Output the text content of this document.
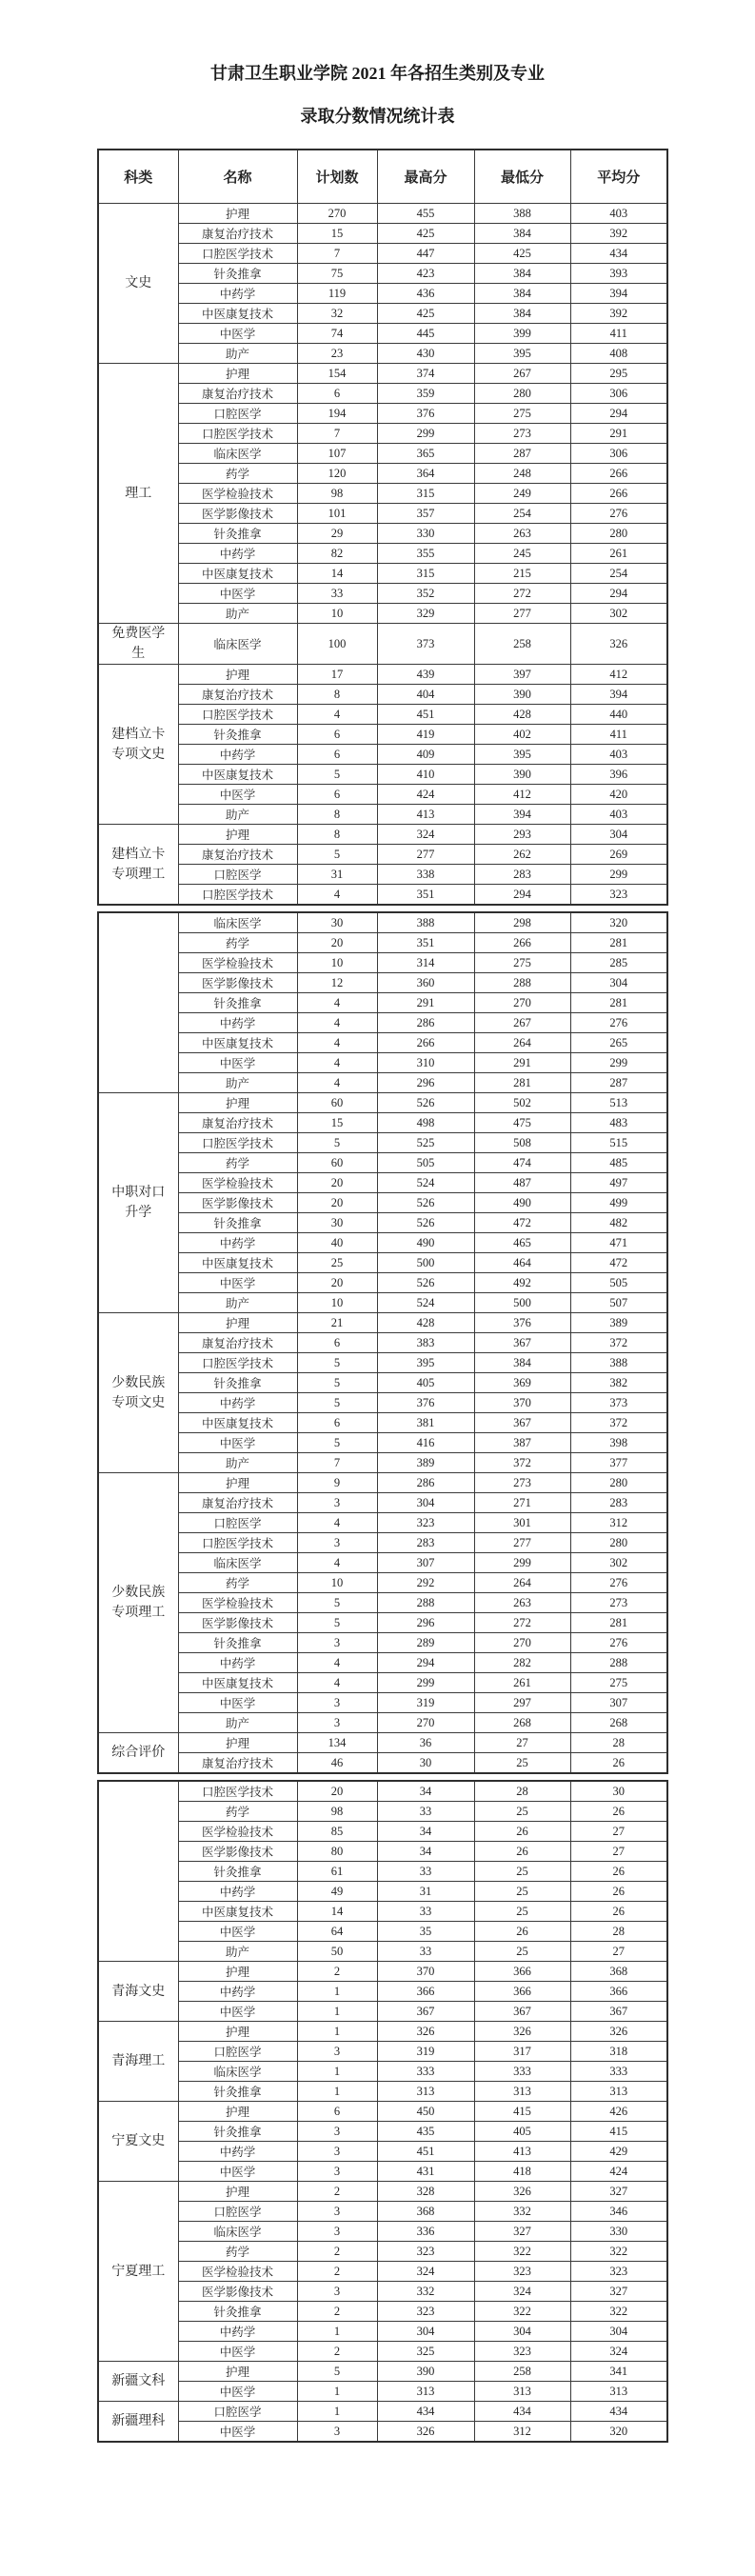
甘肃卫生职业学院 2021 年各招生类别及专业
录取分数情况统计表
科类	名称	计划数	最高分	最低分	平均分
文史	护理	270	455	388	403
	康复治疗技术	15	425	384	392
	口腔医学技术	7	447	425	434
	针灸推拿	75	423	384	393
	中药学	119	436	384	394
	中医康复技术	32	425	384	392
	中医学	74	445	399	411
	助产	23	430	395	408
理工	护理	154	374	267	295
	康复治疗技术	6	359	280	306
	口腔医学	194	376	275	294
	口腔医学技术	7	299	273	291
	临床医学	107	365	287	306
	药学	120	364	248	266
	医学检验技术	98	315	249	266
	医学影像技术	101	357	254	276
	针灸推拿	29	330	263	280
	中药学	82	355	245	261
	中医康复技术	14	315	215	254
	中医学	33	352	272	294
	助产	10	329	277	302
免费医学
生	临床医学	100	373	258	326
建档立卡
专项文史	护理	17	439	397	412
	康复治疗技术	8	404	390	394
	口腔医学技术	4	451	428	440
	针灸推拿	6	419	402	411
	中药学	6	409	395	403
	中医康复技术	5	410	390	396
	中医学	6	424	412	420
	助产	8	413	394	403
建档立卡
专项理工	护理	8	324	293	304
	康复治疗技术	5	277	262	269
	口腔医学	31	338	283	299
	口腔医学技术	4	351	294	323
	临床医学	30	388	298	320
	药学	20	351	266	281
	医学检验技术	10	314	275	285
	医学影像技术	12	360	288	304
	针灸推拿	4	291	270	281
	中药学	4	286	267	276
	中医康复技术	4	266	264	265
	中医学	4	310	291	299
	助产	4	296	281	287
中职对口
升学	护理	60	526	502	513
	康复治疗技术	15	498	475	483
	口腔医学技术	5	525	508	515
	药学	60	505	474	485
	医学检验技术	20	524	487	497
	医学影像技术	20	526	490	499
	针灸推拿	30	526	472	482
	中药学	40	490	465	471
	中医康复技术	25	500	464	472
	中医学	20	526	492	505
	助产	10	524	500	507
少数民族
专项文史	护理	21	428	376	389
	康复治疗技术	6	383	367	372
	口腔医学技术	5	395	384	388
	针灸推拿	5	405	369	382
	中药学	5	376	370	373
	中医康复技术	6	381	367	372
	中医学	5	416	387	398
	助产	7	389	372	377
少数民族
专项理工	护理	9	286	273	280
	康复治疗技术	3	304	271	283
	口腔医学	4	323	301	312
	口腔医学技术	3	283	277	280
	临床医学	4	307	299	302
	药学	10	292	264	276
	医学检验技术	5	288	263	273
	医学影像技术	5	296	272	281
	针灸推拿	3	289	270	276
	中药学	4	294	282	288
	中医康复技术	4	299	261	275
	中医学	3	319	297	307
	助产	3	270	268	268
综合评价	护理	134	36	27	28
	康复治疗技术	46	30	25	26
	口腔医学技术	20	34	28	30
	药学	98	33	25	26
	医学检验技术	85	34	26	27
	医学影像技术	80	34	26	27
	针灸推拿	61	33	25	26
	中药学	49	31	25	26
	中医康复技术	14	33	25	26
	中医学	64	35	26	28
	助产	50	33	25	27
青海文史	护理	2	370	366	368
	中药学	1	366	366	366
	中医学	1	367	367	367
青海理工	护理	1	326	326	326
	口腔医学	3	319	317	318
	临床医学	1	333	333	333
	针灸推拿	1	313	313	313
宁夏文史	护理	6	450	415	426
	针灸推拿	3	435	405	415
	中药学	3	451	413	429
	中医学	3	431	418	424
宁夏理工	护理	2	328	326	327
	口腔医学	3	368	332	346
	临床医学	3	336	327	330
	药学	2	323	322	322
	医学检验技术	2	324	323	323
	医学影像技术	3	332	324	327
	针灸推拿	2	323	322	322
	中药学	1	304	304	304
	中医学	2	325	323	324
新疆文科	护理	5	390	258	341
	中医学	1	313	313	313
新疆理科	口腔医学	1	434	434	434
	中医学	3	326	312	320
